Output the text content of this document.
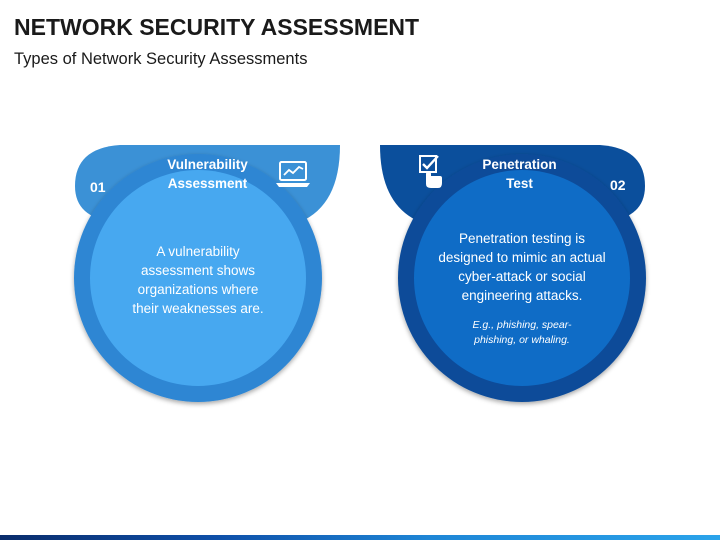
NETWORK SECURITY ASSESSMENT

Types of Network Security Assessments

Vulnerability
Assessment
01
A vulnerability assessment shows organizations where their weaknesses are.
Penetration
Test	02
Penetration testing is designed to mimic an actual cyber-attack or social engineering attacks.
E.g., phishing, spear-phishing, or whaling.
